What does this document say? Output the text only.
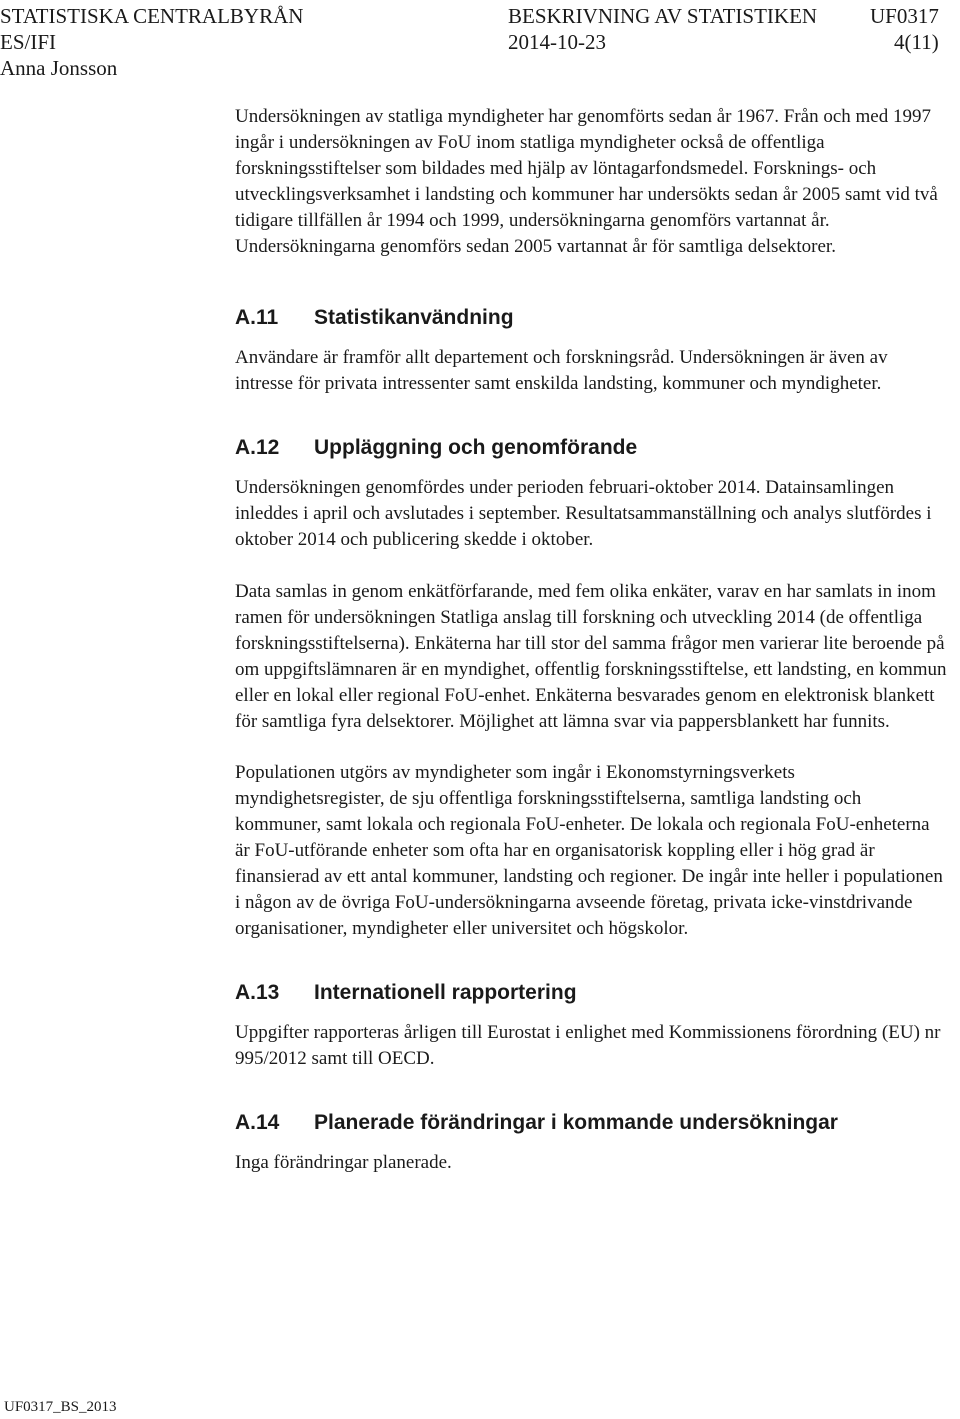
STATISTISKA CENTRALBYRÅN	BESKRIVNING AV STATISTIKEN	UF0317
ES/IFI	2014-10-23	4(11)
Anna Jonsson

Undersökningen av statliga myndigheter har genomförts sedan år 1967. Från och med 1997 ingår i undersökningen av FoU inom statliga myndigheter också de offentliga forskningsstiftelser som bildades med hjälp av löntagarfondsmedel. Forsknings- och utvecklingsverksamhet i landsting och kommuner har undersökts sedan år 2005 samt vid två tidigare tillfällen år 1994 och 1999, undersökningarna genomförs vartannat år. Undersökningarna genomförs sedan 2005 vartannat år för samtliga delsektorer.

A.11	Statistikanvändning

Användare är framför allt departement och forskningsråd. Undersökningen är även av intresse för privata intressenter samt enskilda landsting, kommuner och myndigheter.

A.12	Uppläggning och genomförande

Undersökningen genomfördes under perioden februari-oktober 2014. Datainsamlingen inleddes i april och avslutades i september. Resultatsammanställning och analys slutfördes i oktober 2014 och publicering skedde i oktober.

Data samlas in genom enkätförfarande, med fem olika enkäter, varav en har samlats in inom ramen för undersökningen Statliga anslag till forskning och utveckling 2014 (de offentliga forskningsstiftelserna). Enkäterna har till stor del samma frågor men varierar lite beroende på om uppgiftslämnaren är en myndighet, offentlig forskningsstiftelse, ett landsting, en kommun eller en lokal eller regional FoU-enhet. Enkäterna besvarades genom en elektronisk blankett för samtliga fyra delsektorer. Möjlighet att lämna svar via pappersblankett har funnits.

Populationen utgörs av myndigheter som ingår i Ekonomstyrningsverkets myndighetsregister, de sju offentliga forskningsstiftelserna, samtliga landsting och kommuner, samt lokala och regionala FoU-enheter. De lokala och regionala FoU-enheterna är FoU-utförande enheter som ofta har en organisatorisk koppling eller i hög grad är finansierad av ett antal kommuner, landsting och regioner. De ingår inte heller i populationen i någon av de övriga FoU-undersökningarna avseende företag, privata icke-vinstdrivande organisationer, myndigheter eller universitet och högskolor.

A.13	Internationell rapportering

Uppgifter rapporteras årligen till Eurostat i enlighet med Kommissionens förordning (EU) nr 995/2012 samt till OECD.

A.14	Planerade förändringar i kommande undersökningar

Inga förändringar planerade.

UF0317_BS_2013
